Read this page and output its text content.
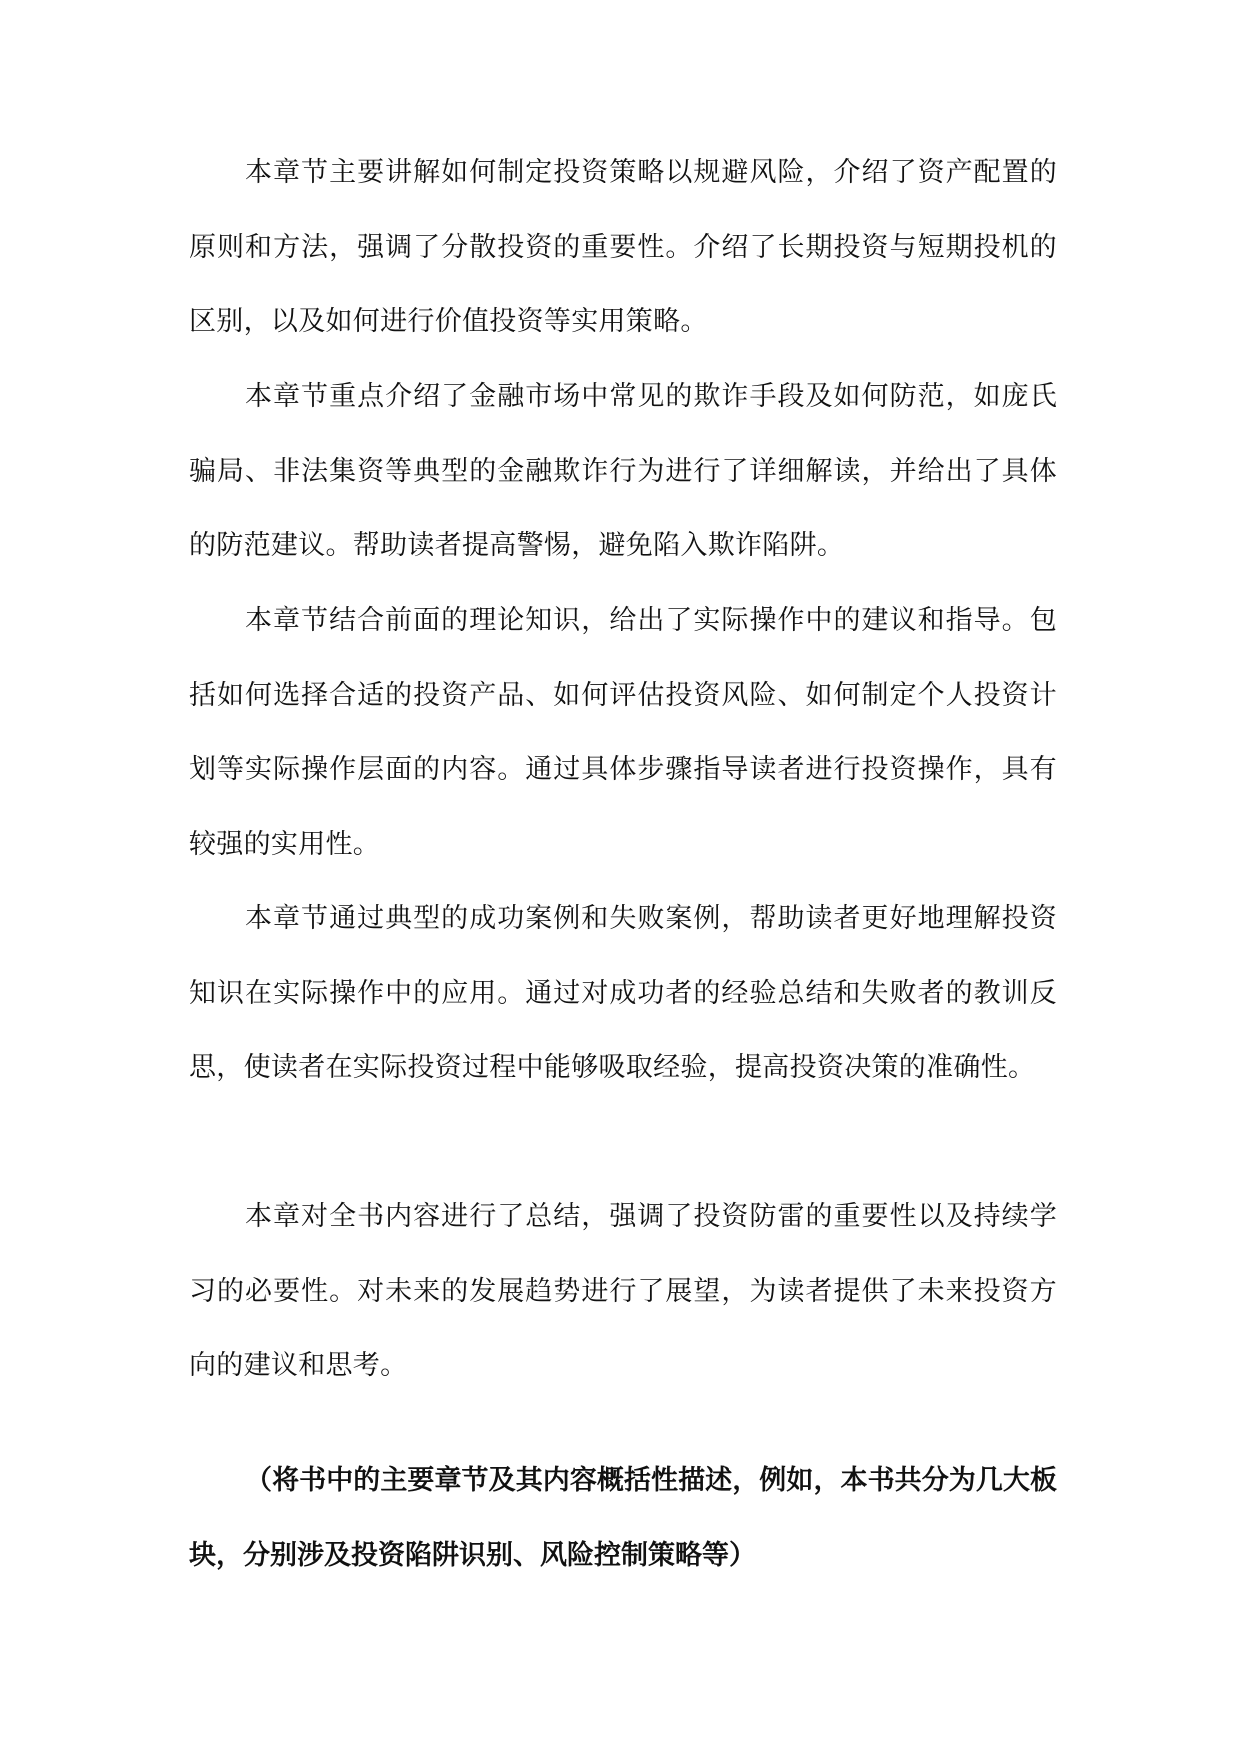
本章节主要讲解如何制定投资策略以规避风险，介绍了资产配置的原则和方法，强调了分散投资的重要性。介绍了长期投资与短期投机的区别，以及如何进行价值投资等实用策略。

本章节重点介绍了金融市场中常见的欺诈手段及如何防范，如庞氏骗局、非法集资等典型的金融欺诈行为进行了详细解读，并给出了具体的防范建议。帮助读者提高警惕，避免陷入欺诈陷阱。

本章节结合前面的理论知识，给出了实际操作中的建议和指导。包括如何选择合适的投资产品、如何评估投资风险、如何制定个人投资计划等实际操作层面的内容。通过具体步骤指导读者进行投资操作，具有较强的实用性。

本章节通过典型的成功案例和失败案例，帮助读者更好地理解投资知识在实际操作中的应用。通过对成功者的经验总结和失败者的教训反思，使读者在实际投资过程中能够吸取经验，提高投资决策的准确性。

本章对全书内容进行了总结，强调了投资防雷的重要性以及持续学习的必要性。对未来的发展趋势进行了展望，为读者提供了未来投资方向的建议和思考。

（将书中的主要章节及其内容概括性描述，例如，本书共分为几大板块，分别涉及投资陷阱识别、风险控制策略等）
